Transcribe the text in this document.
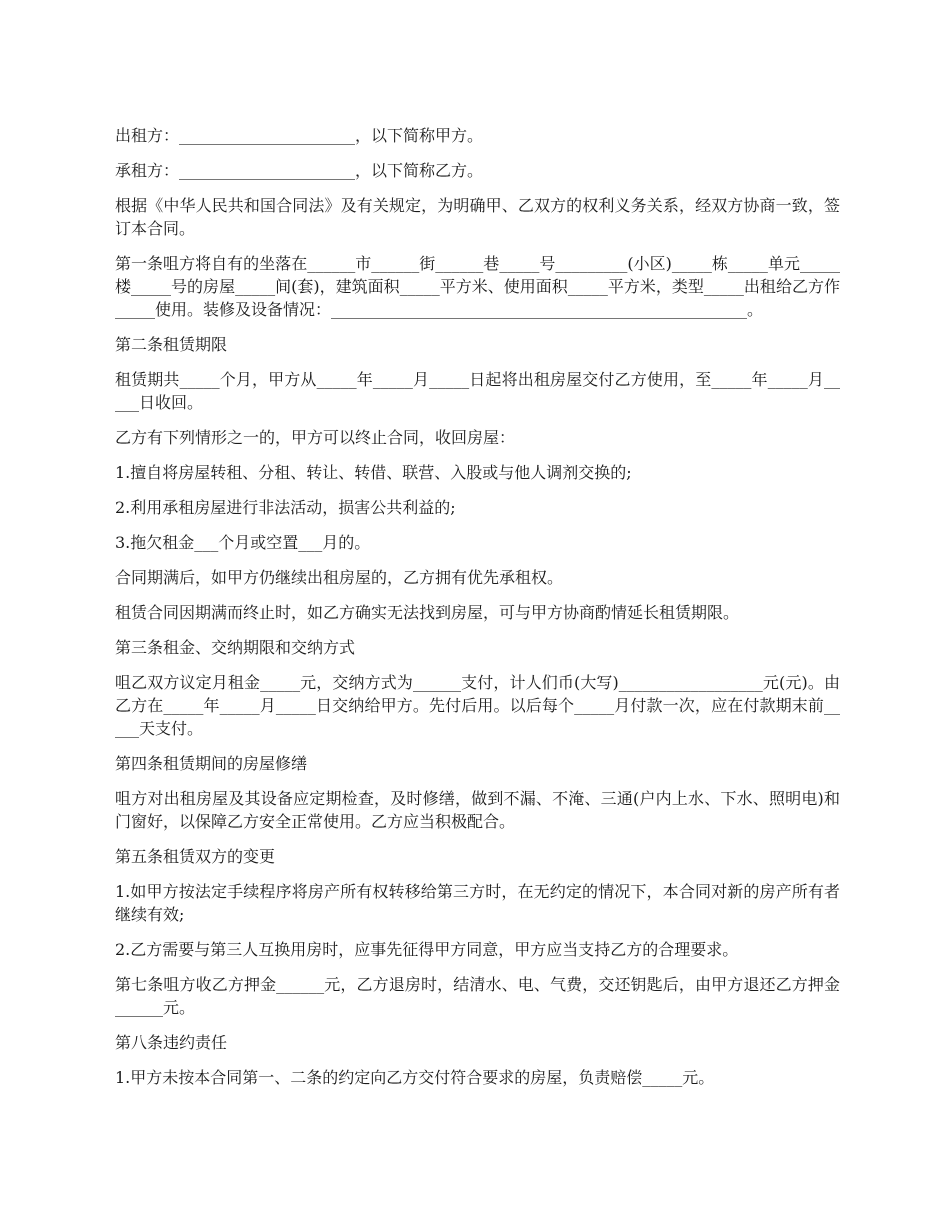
出租方：______________________，以下简称甲方。

承租方：______________________，以下简称乙方。

根据《中华人民共和国合同法》及有关规定，为明确甲、乙双方的权利义务关系，经双方协商一致，签订本合同。

第一条咀方将自有的坐落在______市______街______巷_____号_________(小区)_____栋_____单元_____楼_____号的房屋_____间(套)，建筑面积_____平方米、使用面积_____平方米，类型_____出租给乙方作_____使用。装修及设备情况：____________________________________________________。

第二条租赁期限

租赁期共_____个月，甲方从_____年_____月_____日起将出租房屋交付乙方使用，至_____年_____月_____日收回。

乙方有下列情形之一的，甲方可以终止合同，收回房屋：

1.擅自将房屋转租、分租、转让、转借、联营、入股或与他人调剂交换的;

2.利用承租房屋进行非法活动，损害公共利益的;

3.拖欠租金___个月或空置___月的。

合同期满后，如甲方仍继续出租房屋的，乙方拥有优先承租权。

租赁合同因期满而终止时，如乙方确实无法找到房屋，可与甲方协商酌情延长租赁期限。

第三条租金、交纳期限和交纳方式

咀乙双方议定月租金_____元，交纳方式为______支付，计人们币(大写)__________________元(元)。由乙方在_____年_____月_____日交纳给甲方。先付后用。以后每个_____月付款一次，应在付款期末前_____天支付。

第四条租赁期间的房屋修缮

咀方对出租房屋及其设备应定期检查，及时修缮，做到不漏、不淹、三通(户内上水、下水、照明电)和门窗好，以保障乙方安全正常使用。乙方应当积极配合。

第五条租赁双方的变更

1.如甲方按法定手续程序将房产所有权转移给第三方时，在无约定的情况下，本合同对新的房产所有者继续有效;

2.乙方需要与第三人互换用房时，应事先征得甲方同意，甲方应当支持乙方的合理要求。

第七条咀方收乙方押金______元，乙方退房时，结清水、电、气费，交还钥匙后，由甲方退还乙方押金______元。

第八条违约责任

1.甲方未按本合同第一、二条的约定向乙方交付符合要求的房屋，负责赔偿_____元。
